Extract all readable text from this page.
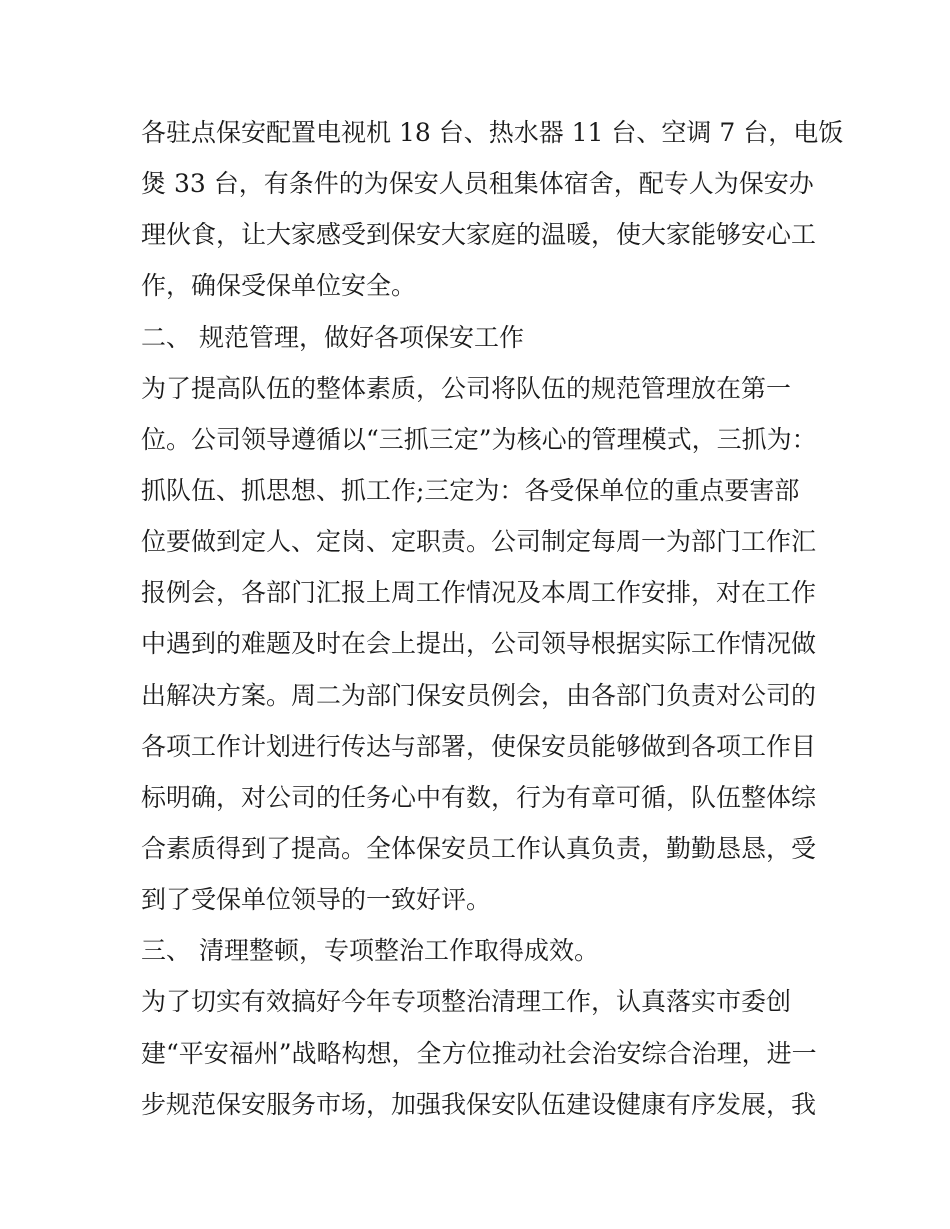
各驻点保安配置电视机 18 台、热水器 11 台、空调 7 台，电饭
煲 33 台，有条件的为保安人员租集体宿舍，配专人为保安办
理伙食，让大家感受到保安大家庭的温暖，使大家能够安心工
作，确保受保单位安全。
二、 规范管理，做好各项保安工作
为了提高队伍的整体素质，公司将队伍的规范管理放在第一
位。公司领导遵循以“三抓三定”为核心的管理模式，三抓为：
抓队伍、抓思想、抓工作;三定为：各受保单位的重点要害部
位要做到定人、定岗、定职责。公司制定每周一为部门工作汇
报例会，各部门汇报上周工作情况及本周工作安排，对在工作
中遇到的难题及时在会上提出，公司领导根据实际工作情况做
出解决方案。周二为部门保安员例会，由各部门负责对公司的
各项工作计划进行传达与部署，使保安员能够做到各项工作目
标明确，对公司的任务心中有数，行为有章可循，队伍整体综
合素质得到了提高。全体保安员工作认真负责，勤勤恳恳，受
到了受保单位领导的一致好评。
三、 清理整顿，专项整治工作取得成效。
为了切实有效搞好今年专项整治清理工作，认真落实市委创
建“平安福州”战略构想，全方位推动社会治安综合治理，进一
步规范保安服务市场，加强我保安队伍建设健康有序发展，我
